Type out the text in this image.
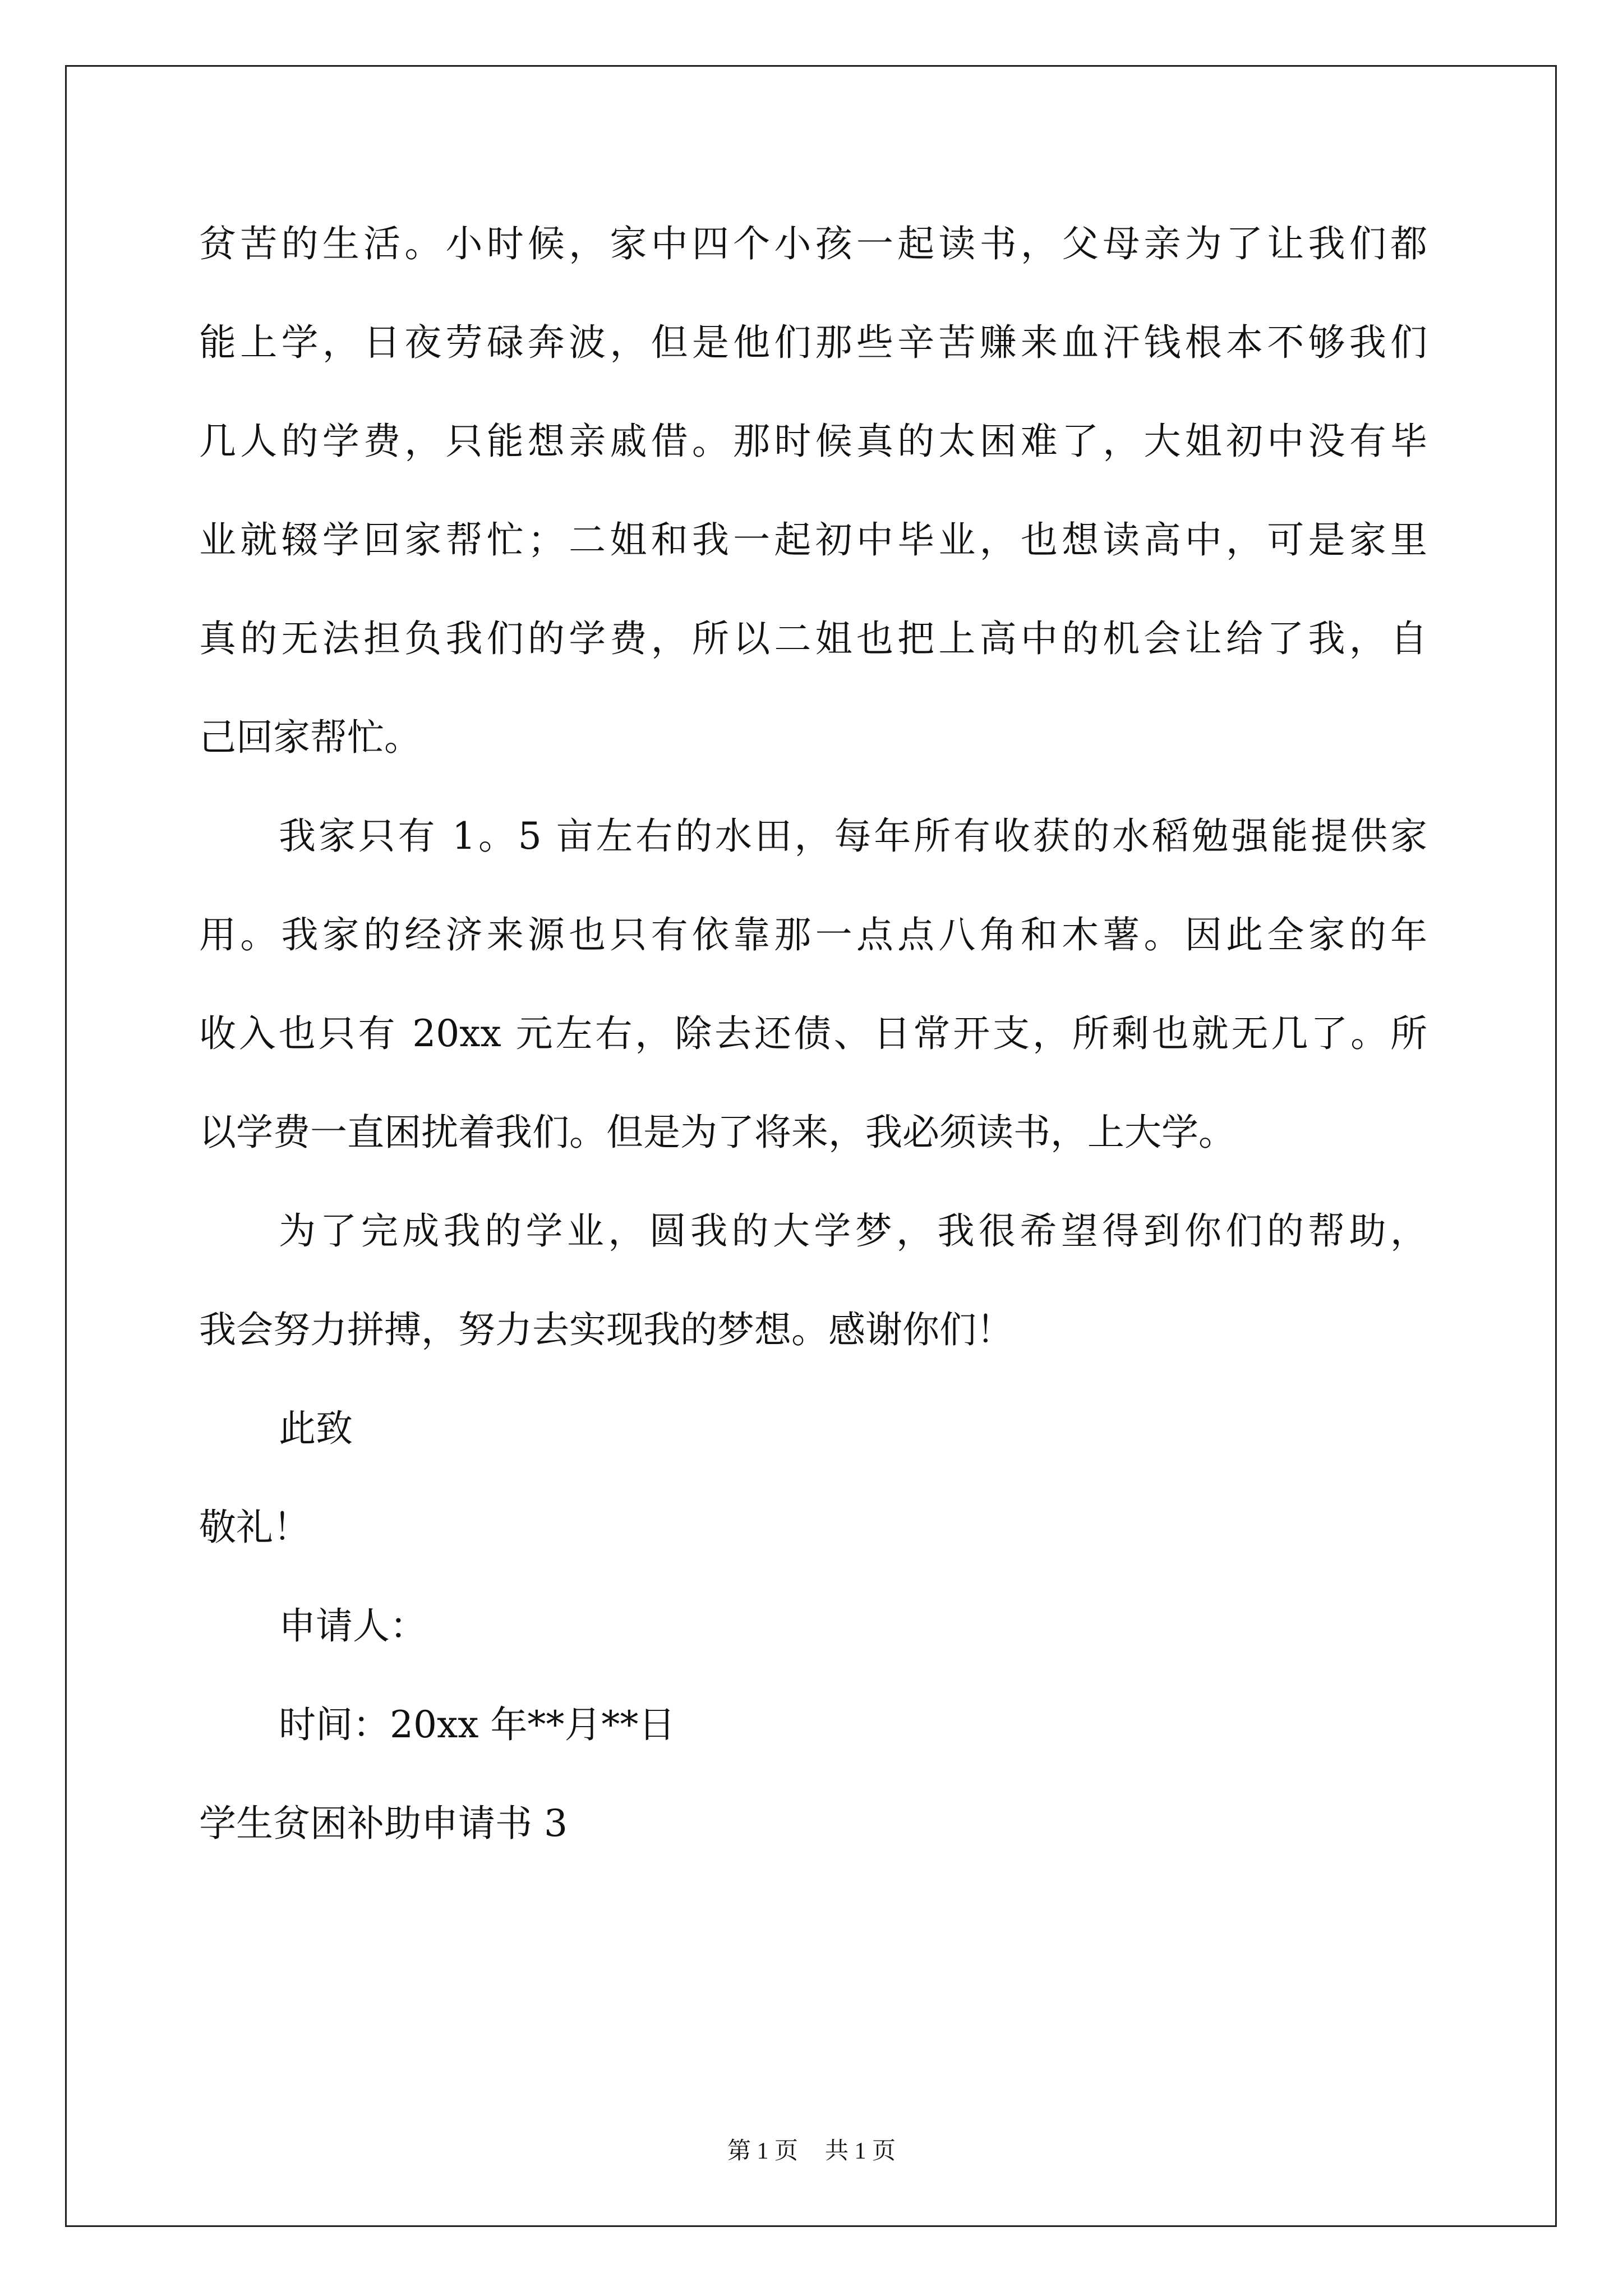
贫苦的生活。小时候，家中四个小孩一起读书，父母亲为了让我们都
能上学，日夜劳碌奔波，但是他们那些辛苦赚来血汗钱根本不够我们
几人的学费，只能想亲戚借。那时候真的太困难了，大姐初中没有毕
业就辍学回家帮忙；二姐和我一起初中毕业，也想读高中，可是家里
真的无法担负我们的学费，所以二姐也把上高中的机会让给了我，自
己回家帮忙。
我家只有 1。5 亩左右的水田，每年所有收获的水稻勉强能提供家
用。我家的经济来源也只有依靠那一点点八角和木薯。因此全家的年
收入也只有 20xx 元左右，除去还债、日常开支，所剩也就无几了。所
以学费一直困扰着我们。但是为了将来，我必须读书，上大学。
为了完成我的学业，圆我的大学梦，我很希望得到你们的帮助，
我会努力拼搏，努力去实现我的梦想。感谢你们！
此致
敬礼！
申请人：
时间：20xx 年**月**日
学生贫困补助申请书 3
第 1 页 共 1 页
